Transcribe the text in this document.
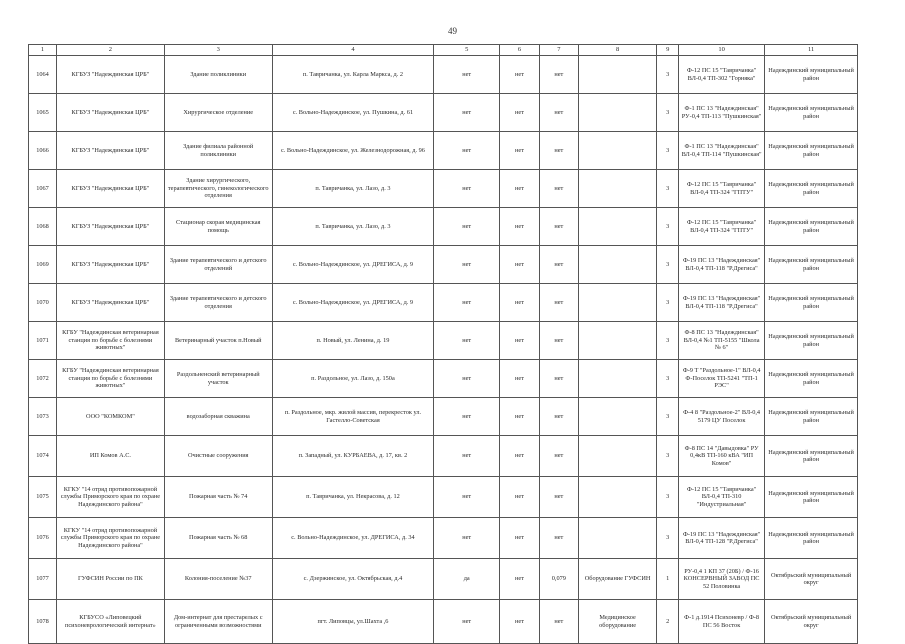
49
1	2	3	4	5	6	7	8	9	10	11
1064	КГБУЗ "Надеждинская ЦРБ"	Здание поликлиники	п. Тавричанка, ул. Карла Маркса, д. 2	нет	нет	нет		3	Ф-12 ПС 15 "Тавричанка" ВЛ-0,4 ТП-302 "Горняка"	Надеждинский муниципальный район
1065	КГБУЗ "Надеждинская ЦРБ"	Хирургическое отделение	с. Вольно-Надеждинское, ул. Пушкина, д. 61	нет	нет	нет		3	Ф-1 ПС 13 "Надеждинская" РУ-0,4 ТП-113 "Пушкинская"	Надеждинский муниципальный район
1066	КГБУЗ "Надеждинская ЦРБ"	Здание филиала районной поликлиники	с. Вольно-Надеждинское, ул. Железнодорожная, д. 96	нет	нет	нет		3	Ф-1 ПС 13 "Надеждинская" ВЛ-0,4 ТП-114 "Пушкинская"	Надеждинский муниципальный район
1067	КГБУЗ "Надеждинская ЦРБ"	Здание хирургического, терапевтического, гинекологического отделения	п. Тавричанка, ул. Лазо, д. 3	нет	нет	нет		3	Ф-12 ПС 15 "Тавричанка" ВЛ-0,4 ТП-324 "ГПТУ"	Надеждинский муниципальный район
1068	КГБУЗ "Надеждинская ЦРБ"	Стационар скорая медицинская помощь	п. Тавричанка, ул. Лазо, д. 3	нет	нет	нет		3	Ф-12 ПС 15 "Тавричанка" ВЛ-0,4 ТП-324 "ГПТУ"	Надеждинский муниципальный район
1069	КГБУЗ "Надеждинская ЦРБ"	Здание терапевтического и детского отделений	с. Вольно-Надеждинское, ул. ДРЕГИСА, д. 9	нет	нет	нет		3	Ф-19 ПС 13 "Надеждинская" ВЛ-0,4 ТП-118 "Р.Дрегиса"	Надеждинский муниципальный район
1070	КГБУЗ "Надеждинская ЦРБ"	Здание терапевтического и детского отделения	с. Вольно-Надеждинское, ул. ДРЕГИСА, д. 9	нет	нет	нет		3	Ф-19 ПС 13 "Надеждинская" ВЛ-0,4 ТП-118 "Р.Дрегиса"	Надеждинский муниципальный район
1071	КГБУ "Надеждинская ветеринарная станция по борьбе с болезнями животных"	Ветеринарный участок п.Новый	п. Новый, ул. Ленина, д. 19	нет	нет	нет		3	Ф-8 ПС 13 "Надеждинская" ВЛ-0,4 №1 ТП-5155 "Школа № 6"	Надеждинский муниципальный район
1072	КГБУ "Надеждинская ветеринарная станция по борьбе с болезнями животных"	Раздольненский ветеринарный участок	п. Раздольное, ул. Лазо, д. 150а	нет	нет	нет		3	Ф-9 Т "Раздольное-1" ВЛ-0,4 Ф-Поселок ТП-5241 "ТП-1 РЭС"	Надеждинский муниципальный район
1073	ООО "КОМКОМ"	водозаборная скважина	п. Раздольное, мкр. жилой массив, перекресток ул. Гастелло-Советская	нет	нет	нет		3	Ф-4 8 "Раздольное-2" ВЛ-0,4 5179 ЦУ Поселок	Надеждинский муниципальный район
1074	ИП Комов А.С.	Очистные сооружения	п. Западный, ул. КУРБАЕВА, д. 17, кв. 2	нет	нет	нет		3	Ф-8 ПС 14 "Давыдовка" РУ 0,4кВ ТП-160 кВА "ИП Комов"	Надеждинский муниципальный район
1075	КГКУ "14 отряд противопожарной службы Приморского края по охране Надеждинского района"	Пожарная часть № 74	п. Тавричанка, ул. Некрасова, д. 12	нет	нет	нет		3	Ф-12 ПС 15 "Тавричанка" ВЛ-0,4 ТП-310 "Индустриальная"	Надеждинский муниципальный район
1076	КГКУ "14 отряд противопожарной службы Приморского края по охране Надеждинского района"	Пожарная часть № 68	с. Вольно-Надеждинское, ул. ДРЕГИСА, д. 34	нет	нет	нет		3	Ф-19 ПС 13 "Надеждинская" ВЛ-0,4 ТП-128 "Р.Дрегиса"	Надеждинский муниципальный район
1077	ГУФСИН России по ПК	Колония-поселение №37	с. Дзержинское, ул. Октябрьская, д.4	да	нет	0,079	Оборудование ГУФСИН	1	РУ-0,4 1 КП 37 (20Б) / Ф-16 КОНСЕРВНЫЙ ЗАВОД ПС 52 Половинка	Октябрьский муниципальный округ
1078	КГБУСО «Липовецкий психоневрологический интернат»	Дом-интернат для престарелых с ограниченными возможностями	пгт. Липовцы, ул.Шахта ,6	нет	нет	нет	Медицинское оборудование	2	Ф-1 д.1914 Психоневр / Ф-8 ПС 56 Восток	Октябрьский муниципальный округ
